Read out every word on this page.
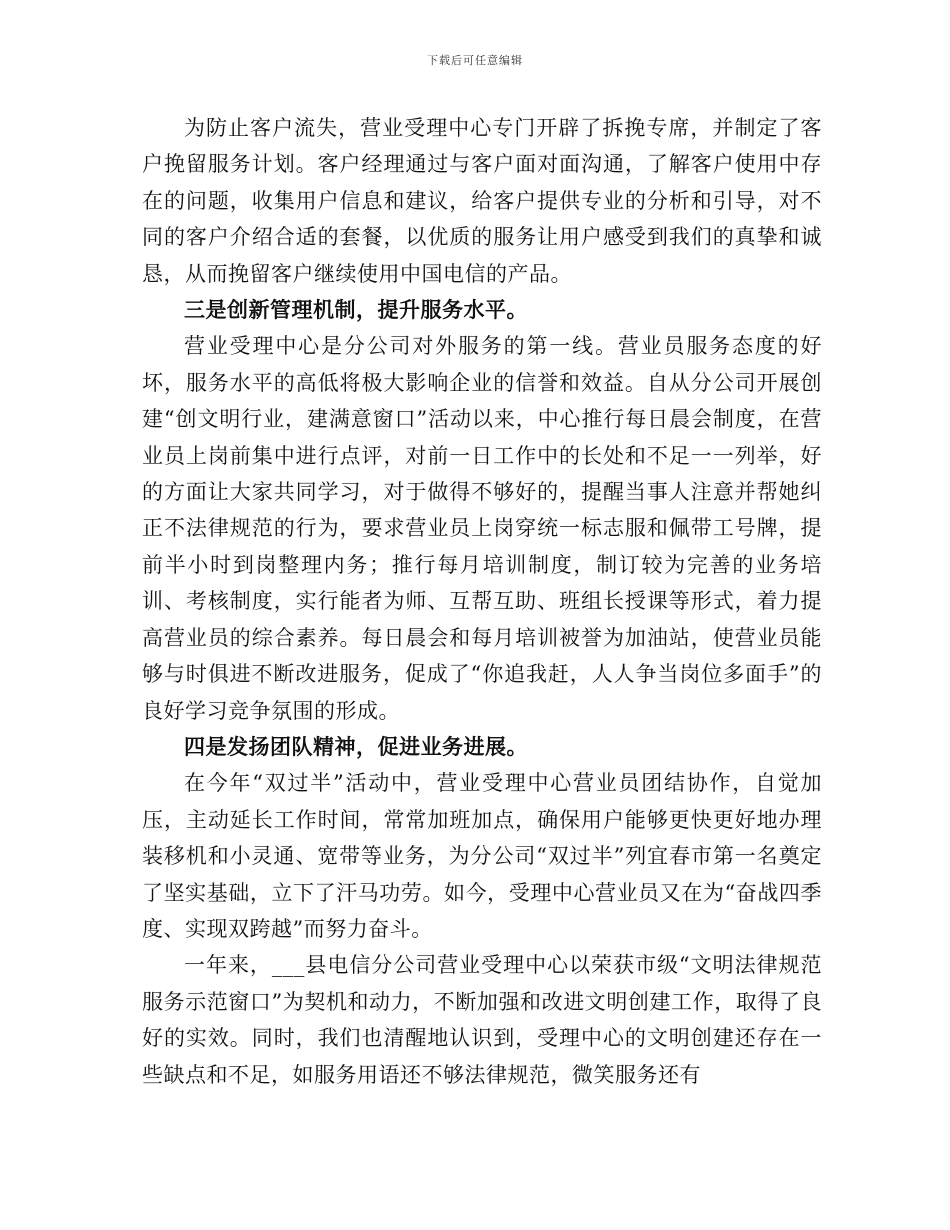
下载后可任意编辑

为防止客户流失，营业受理中心专门开辟了拆挽专席，并制定了客户挽留服务计划。客户经理通过与客户面对面沟通，了解客户使用中存在的问题，收集用户信息和建议，给客户提供专业的分析和引导，对不同的客户介绍合适的套餐，以优质的服务让用户感受到我们的真挚和诚恳，从而挽留客户继续使用中国电信的产品。

三是创新管理机制，提升服务水平。

营业受理中心是分公司对外服务的第一线。营业员服务态度的好坏，服务水平的高低将极大影响企业的信誉和效益。自从分公司开展创建“创文明行业，建满意窗口”活动以来，中心推行每日晨会制度，在营业员上岗前集中进行点评，对前一日工作中的长处和不足一一列举，好的方面让大家共同学习，对于做得不够好的，提醒当事人注意并帮她纠正不法律规范的行为，要求营业员上岗穿统一标志服和佩带工号牌，提前半小时到岗整理内务；推行每月培训制度，制订较为完善的业务培训、考核制度，实行能者为师、互帮互助、班组长授课等形式，着力提高营业员的综合素养。每日晨会和每月培训被誉为加油站，使营业员能够与时俱进不断改进服务，促成了“你追我赶，人人争当岗位多面手”的良好学习竞争氛围的形成。

四是发扬团队精神，促进业务进展。

在今年“双过半”活动中，营业受理中心营业员团结协作，自觉加压，主动延长工作时间，常常加班加点，确保用户能够更快更好地办理装移机和小灵通、宽带等业务，为分公司“双过半”列宜春市第一名奠定了坚实基础，立下了汗马功劳。如今，受理中心营业员又在为“奋战四季度、实现双跨越”而努力奋斗。

一年来，___县电信分公司营业受理中心以荣获市级“文明法律规范服务示范窗口”为契机和动力，不断加强和改进文明创建工作，取得了良好的实效。同时，我们也清醒地认识到，受理中心的文明创建还存在一些缺点和不足，如服务用语还不够法律规范，微笑服务还有
